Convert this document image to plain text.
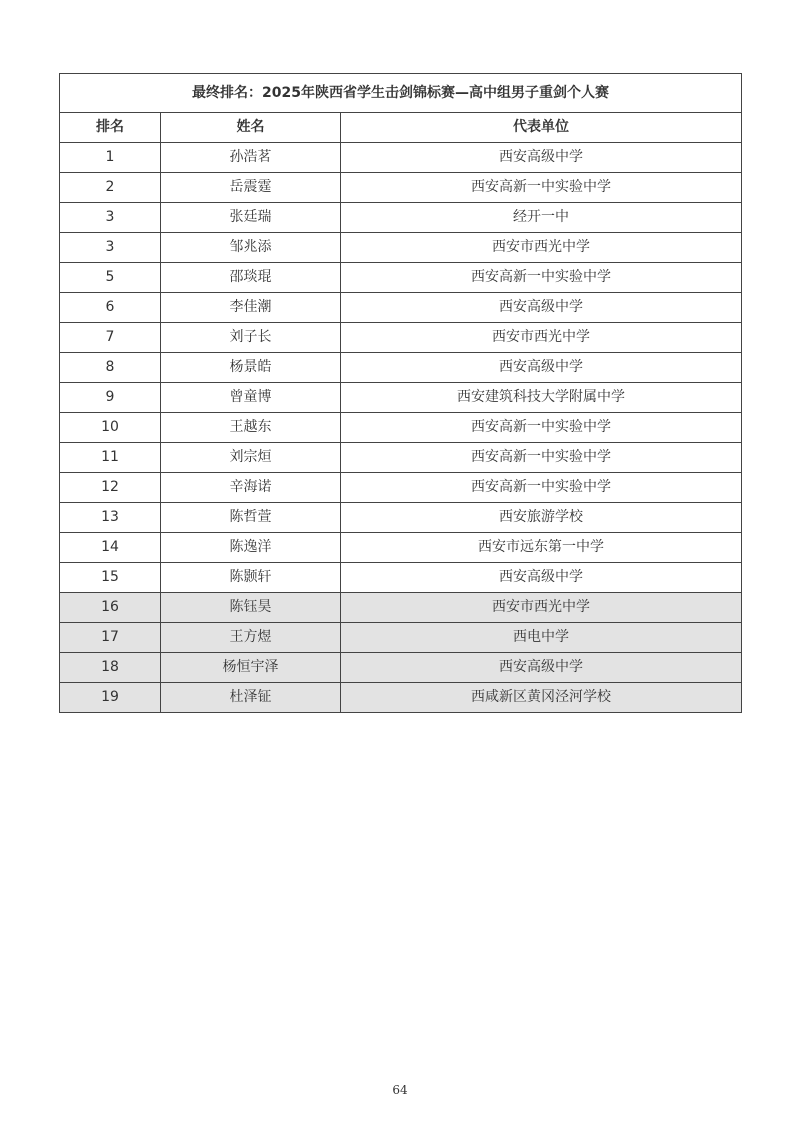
最终排名：2025年陕西省学生击剑锦标赛—高中组男子重剑个人赛		
排名	姓名	代表单位
1	孙浩茗	西安高级中学
2	岳震霆	西安高新一中实验中学
3	张廷瑞	经开一中
3	邹兆添	西安市西光中学
5	邵琰琨	西安高新一中实验中学
6	李佳潮	西安高级中学
7	刘子长	西安市西光中学
8	杨景皓	西安高级中学
9	曾童博	西安建筑科技大学附属中学
10	王越东	西安高新一中实验中学
11	刘宗烜	西安高新一中实验中学
12	辛海诺	西安高新一中实验中学
13	陈哲萱	西安旅游学校
14	陈逸洋	西安市远东第一中学
15	陈颢轩	西安高级中学
16	陈钰昊	西安市西光中学
17	王方煜	西电中学
18	杨恒宇泽	西安高级中学
19	杜泽钲	西咸新区黄冈泾河学校
64
